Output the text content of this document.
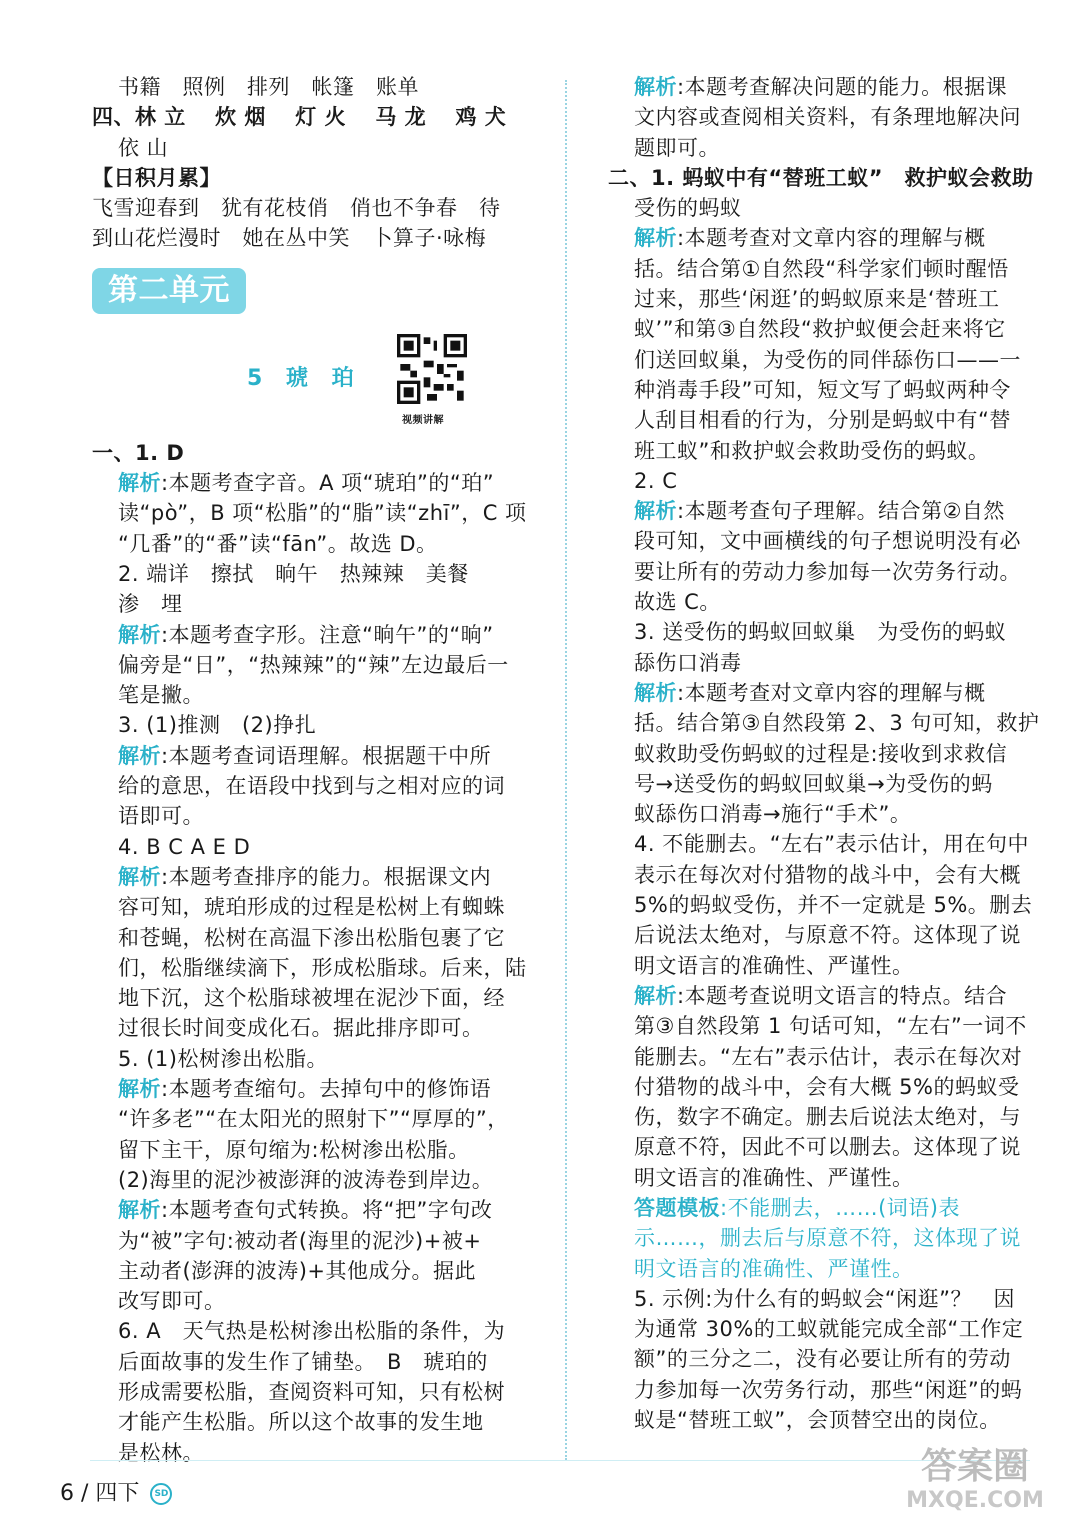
书籍　照例　排列　帐篷　账单
四、林 立　 炊 烟　 灯 火　 马 龙　 鸡 犬
依 山
【日积月累】
飞雪迎春到　犹有花枝俏　俏也不争春　待
到山花烂漫时　她在丛中笑　卜算子·咏梅
第二单元
5 琥 珀
视频讲解
一、1. D
解析:本题考查字音。A 项“琥珀”的“珀”
读“pò”，B 项“松脂”的“脂”读“zhī”，C 项
“几番”的“番”读“fān”。故选 D。
2. 端详　擦拭　晌午　热辣辣　美餐
渗　埋
解析:本题考查字形。注意“晌午”的“晌”
偏旁是“日”，“热辣辣”的“辣”左边最后一
笔是撇。
3. (1)推测　(2)挣扎
解析:本题考查词语理解。根据题干中所
给的意思，在语段中找到与之相对应的词
语即可。
4. B C A E D
解析:本题考查排序的能力。根据课文内
容可知，琥珀形成的过程是松树上有蜘蛛
和苍蝇，松树在高温下渗出松脂包裹了它
们，松脂继续滴下，形成松脂球。后来，陆
地下沉，这个松脂球被埋在泥沙下面，经
过很长时间变成化石。据此排序即可。
5. (1)松树渗出松脂。
解析:本题考查缩句。去掉句中的修饰语
“许多老”“在太阳光的照射下”“厚厚的”，
留下主干，原句缩为:松树渗出松脂。
(2)海里的泥沙被澎湃的波涛卷到岸边。
解析:本题考查句式转换。将“把”字句改
为“被”字句:被动者(海里的泥沙)+被+
主动者(澎湃的波涛)+其他成分。据此
改写即可。
6. A　天气热是松树渗出松脂的条件，为
后面故事的发生作了铺垫。　B　琥珀的
形成需要松脂，查阅资料可知，只有松树
才能产生松脂。所以这个故事的发生地
是松林。
解析:本题考查解决问题的能力。根据课
文内容或查阅相关资料，有条理地解决问
题即可。
二、1. 蚂蚁中有“替班工蚁”　救护蚁会救助
受伤的蚂蚁
解析:本题考查对文章内容的理解与概
括。结合第①自然段“科学家们顿时醒悟
过来，那些‘闲逛’的蚂蚁原来是‘替班工
蚁’”和第③自然段“救护蚁便会赶来将它
们送回蚁巢，为受伤的同伴舔伤口——一
种消毒手段”可知，短文写了蚂蚁两种令
人刮目相看的行为，分别是蚂蚁中有“替
班工蚁”和救护蚁会救助受伤的蚂蚁。
2. C
解析:本题考查句子理解。结合第②自然
段可知，文中画横线的句子想说明没有必
要让所有的劳动力参加每一次劳务行动。
故选 C。
3. 送受伤的蚂蚁回蚁巢　为受伤的蚂蚁
舔伤口消毒
解析:本题考查对文章内容的理解与概
括。结合第③自然段第 2、3 句可知，救护
蚁救助受伤蚂蚁的过程是:接收到求救信
号→送受伤的蚂蚁回蚁巢→为受伤的蚂
蚁舔伤口消毒→施行“手术”。
4. 不能删去。“左右”表示估计，用在句中
表示在每次对付猎物的战斗中，会有大概
5%的蚂蚁受伤，并不一定就是 5%。删去
后说法太绝对，与原意不符。这体现了说
明文语言的准确性、严谨性。
解析:本题考查说明文语言的特点。结合
第③自然段第 1 句话可知，“左右”一词不
能删去。“左右”表示估计，表示在每次对
付猎物的战斗中，会有大概 5%的蚂蚁受
伤，数字不确定。删去后说法太绝对，与
原意不符，因此不可以删去。这体现了说
明文语言的准确性、严谨性。
答题模板:不能删去，……(词语)表
示……，删去后与原意不符，这体现了说
明文语言的准确性、严谨性。
5. 示例:为什么有的蚂蚁会“闲逛”？　因
为通常 30%的工蚁就能完成全部“工作定
额”的三分之二，没有必要让所有的劳动
力参加每一次劳务行动，那些“闲逛”的蚂
蚁是“替班工蚁”，会顶替空出的岗位。
6 / 四下 SD
答案圈
MXQE.COM
